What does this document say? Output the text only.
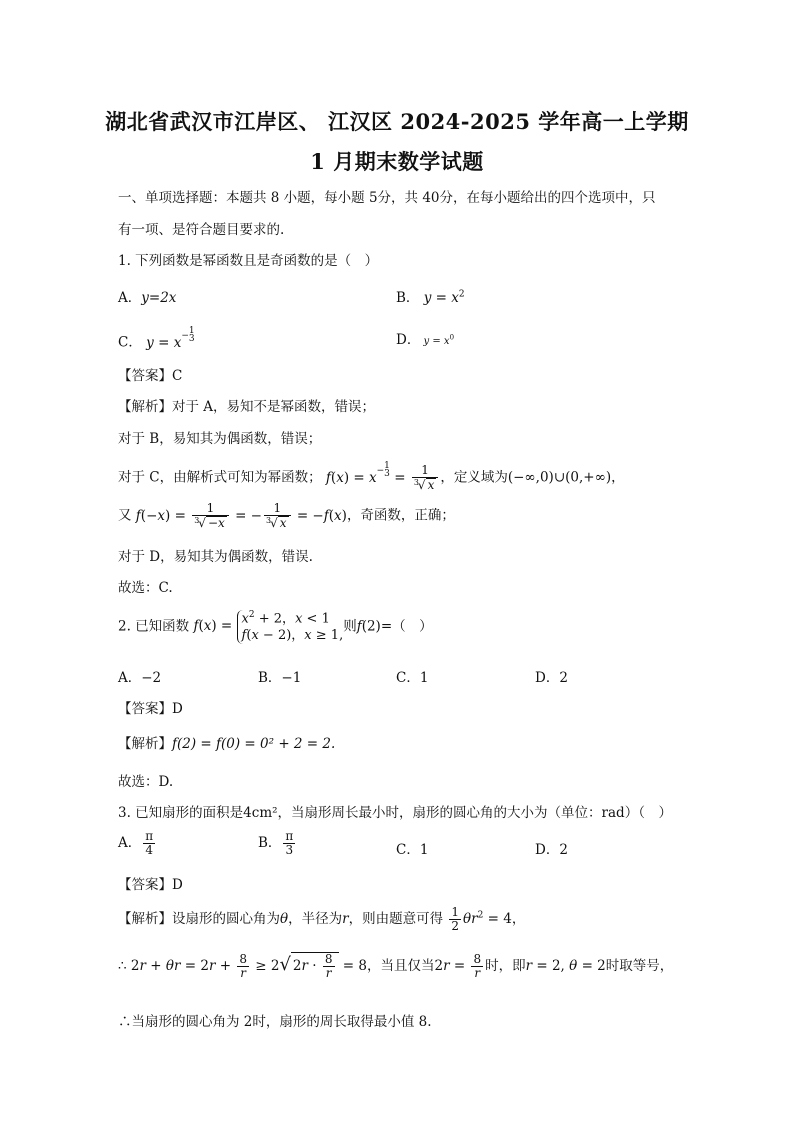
湖北省武汉市江岸区、 江汉区 2024-2025 学年高一上学期
1 月期末数学试题
一、单项选择题：本题共 8 小题，每小题 5分，共 40分，在每小题给出的四个选项中，只
有一项、是符合题目要求的.
1. 下列函数是幂函数且是奇函数的是（　）
A．y=2x	B． $y = x^2$
C． $y = x^{-1 3}$	D． $y = x^0$
【答案】C
【解析】对于 A，易知不是幂函数，错误；
对于 B，易知其为偶函数，错误；
对于 C，由解析式可知为幂函数； $f(x) = x^{-1 3} = \frac{1}{^3√ x}$ ，定义域为(−∞,0)∪(0,+∞)，
又 $f(-x) = \frac{1}{^3√ -x}$ = − $\frac{1}{^3√ x} = -f(x)$，奇函数，正确；
对于 D，易知其为偶函数，错误.
故选：C.
2. 已知函数 $f(x) = x^2 + 2$，x < 1
f(x − 2)，x ≥ 1,
则f(2)=（　）
A．−2	B．−1	C．1	D．2
【答案】D
【解析】f(2) = f(0) = 0² + 2 = 2.
故选：D.
3. 已知扇形的面积是4cm²，当扇形周长最小时，扇形的圆心角的大小为（单位：rad）（　）
A． $\frac{\pi}{4}$	B． $\frac{\pi}{3}$	C．1	D．2
【答案】D
【解析】设扇形的圆心角为θ，半径为r，则由题意可得 $\frac{1}{2} \theta r^2 = 4$，
∴ $2r + \theta r = 2r + \frac{8}{r} \ge 2√$ $2r \cdot \frac{8}{r} = 8$，当且仅当$2r = \frac{8}{r}$ 时，即r = 2, θ = 2时取等号，
∴当扇形的圆心角为 2时，扇形的周长取得最小值 8.
